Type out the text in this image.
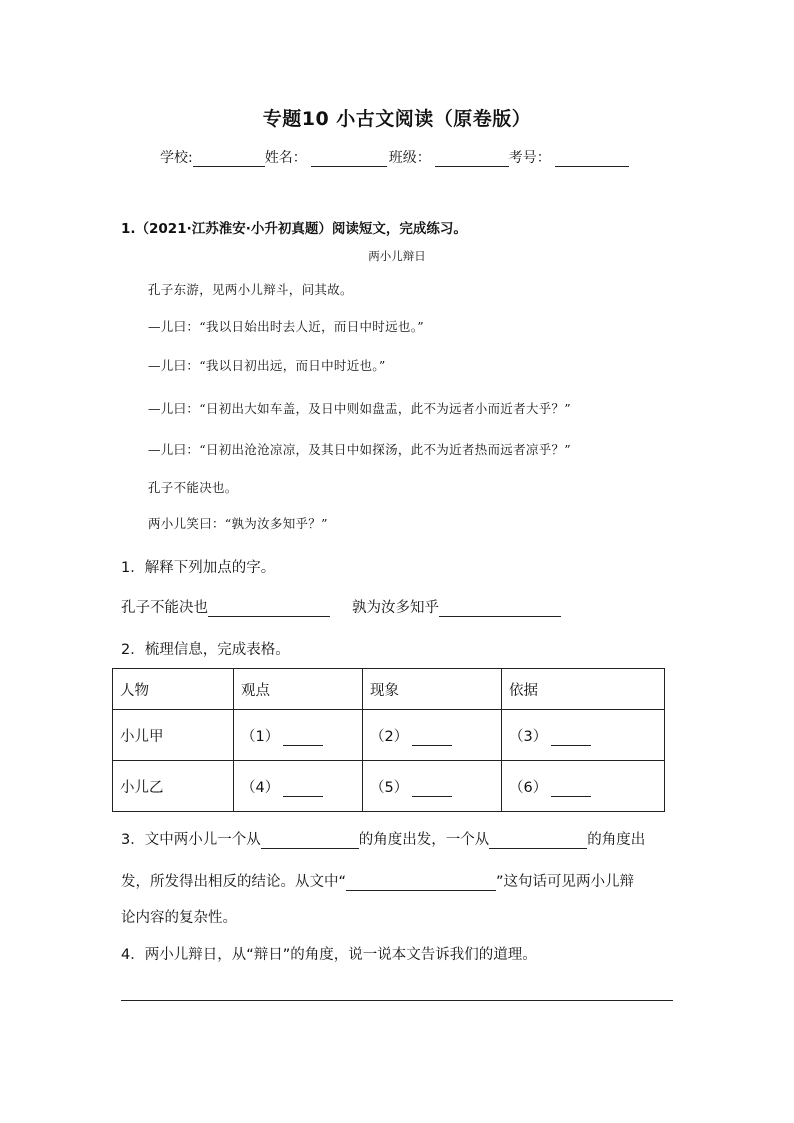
专题10 小古文阅读（原卷版）
学校:	姓名：	班级：	考号：
1.（2021·江苏淮安·小升初真题）阅读短文，完成练习。
两小儿辩日
孔子东游，见两小儿辩斗，问其故。
—儿曰：“我以日始出时去人近，而日中时远也。”
—儿曰：“我以日初出远，而日中时近也。”
—儿曰：“日初出大如车盖，及日中则如盘盂，此不为远者小而近者大乎？”
—儿曰：“日初出沧沧凉凉，及其日中如探汤，此不为近者热而远者凉乎？”
孔子不能决也。
两小儿笑曰：“孰为汝多知乎？”
1．解释下列加点的字。
孔子不能决也	孰为汝多知乎
2．梳理信息，完成表格。
人物	观点	现象	依据
小儿甲	（1）	（2）	（3）
小儿乙	（4）	（5）	（6）
3．文中两小儿一个从	的角度出发，一个从	的角度出
发，所发得出相反的结论。从文中“	”这句话可见两小儿辩
论内容的复杂性。
4．两小儿辩日，从“辩日”的角度，说一说本文告诉我们的道理。
